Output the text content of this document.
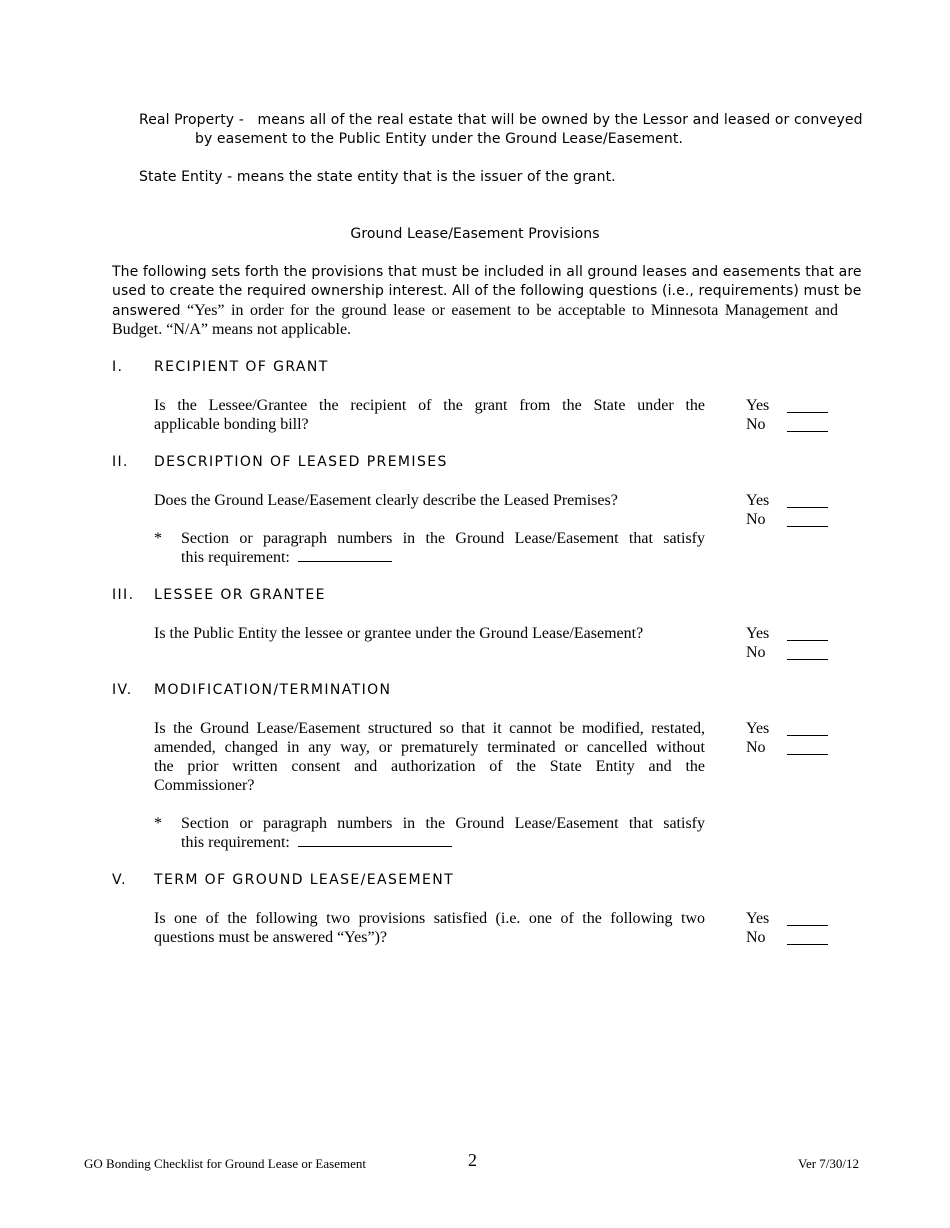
Real Property - means all of the real estate that will be owned by the Lessor and leased or conveyed
by easement to the Public Entity under the Ground Lease/Easement.
State Entity - means the state entity that is the issuer of the grant.
Ground Lease/Easement Provisions
The following sets forth the provisions that must be included in all ground leases and easements that are
used to create the required ownership interest. All of the following questions (i.e., requirements) must be
answered “Yes” in order for the ground lease or easement to be acceptable to Minnesota Management and
Budget. “N/A” means not applicable.
I. RECIPIENT OF GRANT
Is the Lessee/Grantee the recipient of the grant from the State under the
applicable bonding bill?
Yes
No
II. DESCRIPTION OF LEASED PREMISES
Does the Ground Lease/Easement clearly describe the Leased Premises?	Yes
No
* Section or paragraph numbers in the Ground Lease/Easement that satisfy
this requirement:
III. LESSEE OR GRANTEE
Is the Public Entity the lessee or grantee under the Ground Lease/Easement?	Yes
No
IV. MODIFICATION/TERMINATION
Is the Ground Lease/Easement structured so that it cannot be modified, restated,
amended, changed in any way, or prematurely terminated or cancelled without
the prior written consent and authorization of the State Entity and the
Commissioner?
Yes
No
* Section or paragraph numbers in the Ground Lease/Easement that satisfy
this requirement:
V. TERM OF GROUND LEASE/EASEMENT
Is one of the following two provisions satisfied (i.e. one of the following two
questions must be answered “Yes”)?
Yes
No
GO Bonding Checklist for Ground Lease or Easement	2	Ver 7/30/12
